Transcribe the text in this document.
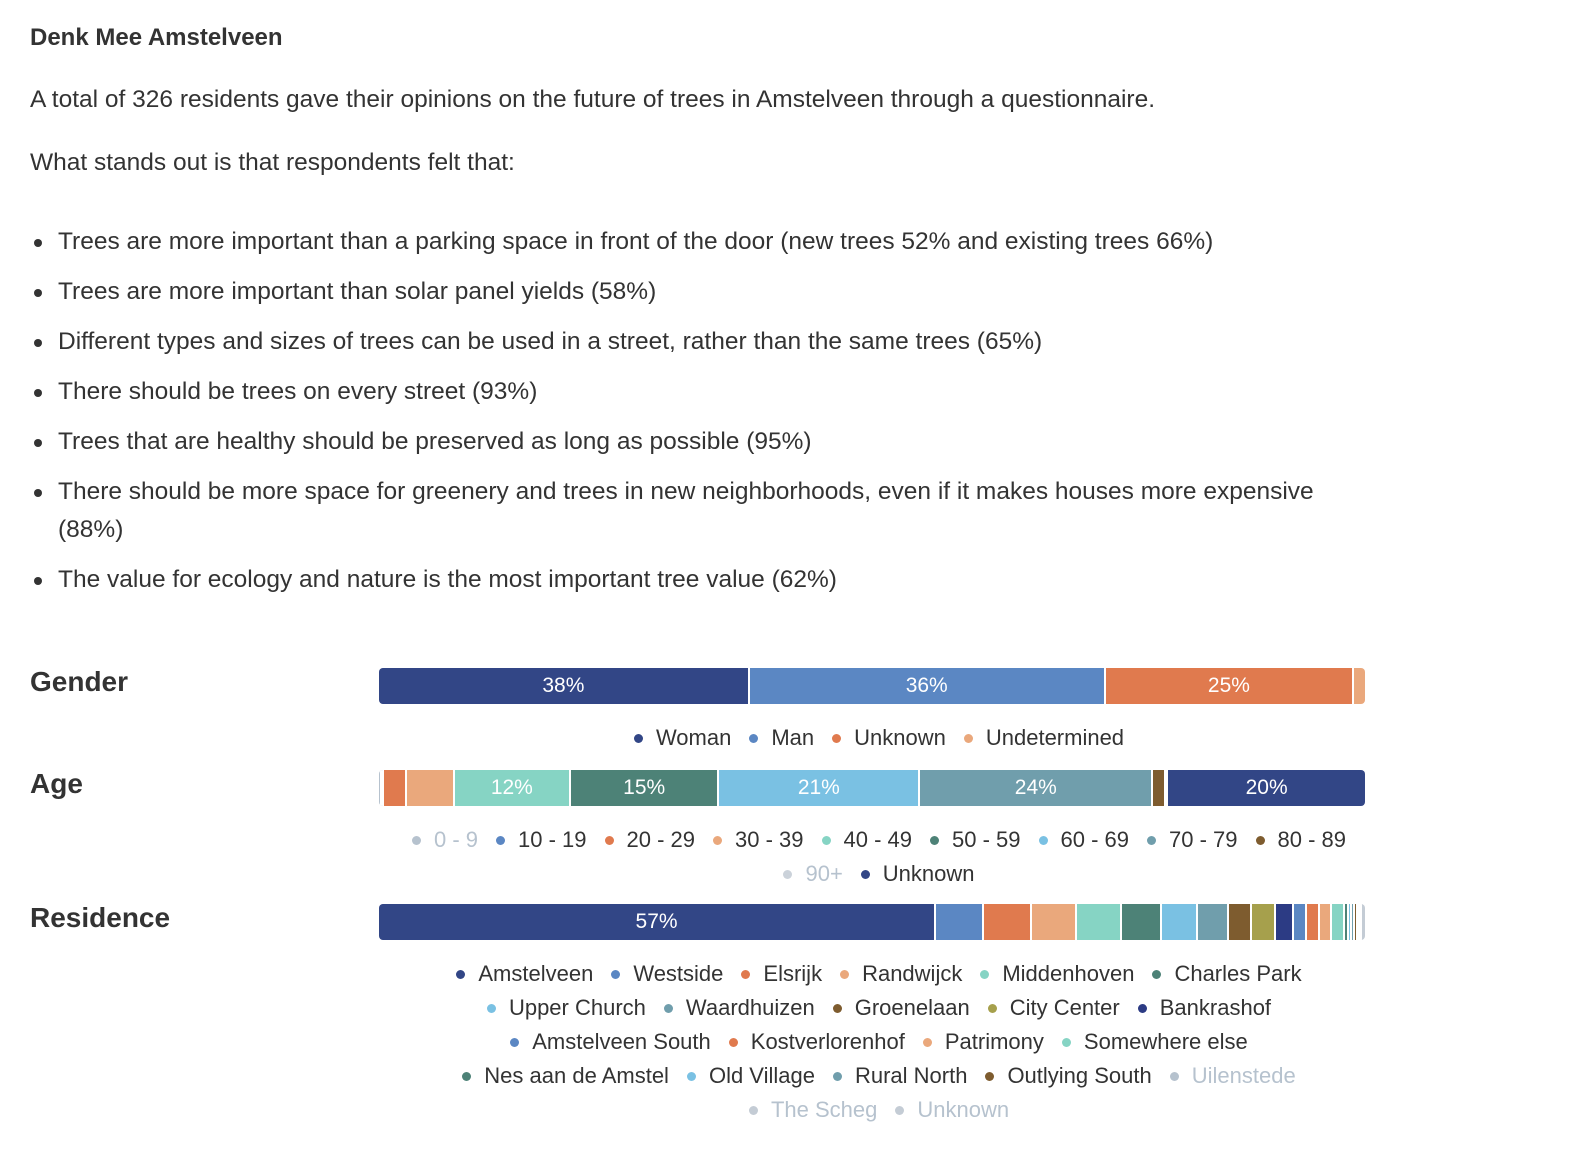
Denk Mee Amstelveen

A total of 326 residents gave their opinions on the future of trees in Amstelveen through a questionnaire.

What stands out is that respondents felt that:

Trees are more important than a parking space in front of the door (new trees 52% and existing trees 66%)
Trees are more important than solar panel yields (58%)
Different types and sizes of trees can be used in a street, rather than the same trees (65%)
There should be trees on every street (93%)
Trees that are healthy should be preserved as long as possible (95%)
There should be more space for greenery and trees in new neighborhoods, even if it makes houses more expensive (88%)
The value for ecology and nature is the most important tree value (62%)
Gender	38%	36%	25%
Woman Man Unknown Undetermined
Age	12%	15%	21%	24%	20%
0 - 9 10 - 19 20 - 29 30 - 39 40 - 49 50 - 59 60 - 69 70 - 79 80 - 89
90+ Unknown
Residence	57%
Amstelveen Westside Elsrijk Randwijck Middenhoven Charles Park
Upper Church Waardhuizen Groenelaan City Center Bankrashof
Amstelveen South Kostverlorenhof Patrimony Somewhere else
Nes aan de Amstel Old Village Rural North Outlying South Uilenstede
The Scheg Unknown
